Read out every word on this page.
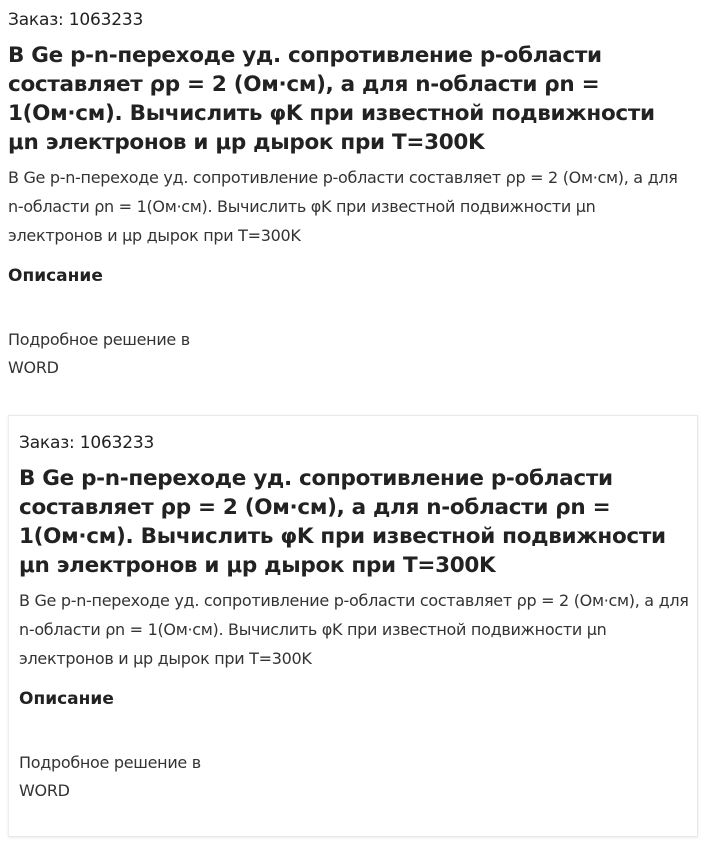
Заказ: 1063233
В Ge p-n-переходе уд. сопротивление p-области составляет ρp = 2 (Ом·см), а для n-области ρn = 1(Ом·см). Вычислить φK при известной подвижности μn электронов и μp дырок при T=300K
В Ge p-n-переходе уд. сопротивление p-области составляет ρp = 2 (Ом·см), а для n-области ρn = 1(Ом·см). Вычислить φK при известной подвижности μn электронов и μp дырок при T=300K
Описание
Подробное решение в WORD
Заказ: 1063233
В Ge p-n-переходе уд. сопротивление p-области составляет ρp = 2 (Ом·см), а для n-области ρn = 1(Ом·см). Вычислить φK при известной подвижности μn электронов и μp дырок при T=300K
В Ge p-n-переходе уд. сопротивление p-области составляет ρp = 2 (Ом·см), а для n-области ρn = 1(Ом·см). Вычислить φK при известной подвижности μn электронов и μp дырок при T=300K
Описание
Подробное решение в WORD
